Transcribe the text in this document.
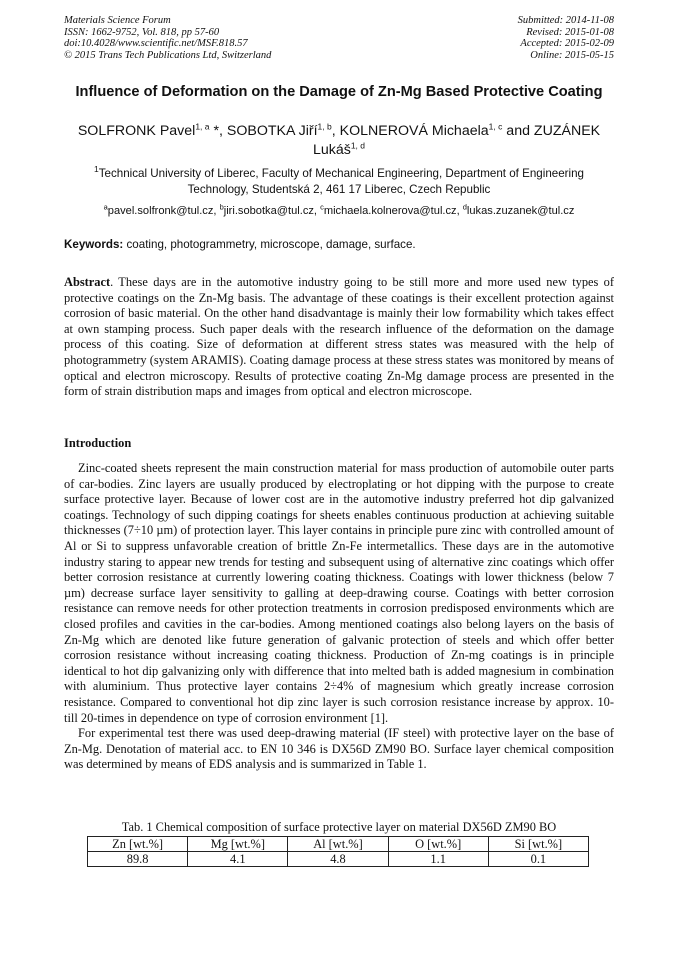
Materials Science Forum
ISSN: 1662-9752, Vol. 818, pp 57-60
doi:10.4028/www.scientific.net/MSF.818.57
© 2015 Trans Tech Publications Ltd, Switzerland
Submitted: 2014-11-08
Revised: 2015-01-08
Accepted: 2015-02-09
Online: 2015-05-15
Influence of Deformation on the Damage of Zn-Mg Based Protective Coating
SOLFRONK Pavel$^{1, a}$ *, SOBOTKA Jiří$^{1, b}$, KOLNEROVÁ Michaela$^{1, c}$ and ZUZÁNEK Lukáš$^{1, d}$
$^1$Technical University of Liberec, Faculty of Mechanical Engineering, Department of Engineering Technology, Studentská 2, 461 17 Liberec, Czech Republic
$^a$pavel.solfronk@tul.cz, $^b$jiri.sobotka@tul.cz, $^c$michaela.kolnerova@tul.cz, $^d$lukas.zuzanek@tul.cz
Keywords: coating, photogrammetry, microscope, damage, surface.
Abstract. These days are in the automotive industry going to be still more and more used new types of protective coatings on the Zn-Mg basis. The advantage of these coatings is their excellent protection against corrosion of basic material. On the other hand disadvantage is mainly their low formability which takes effect at own stamping process. Such paper deals with the research influence of the deformation on the damage process of this coating. Size of deformation at different stress states was measured with the help of photogrammetry (system ARAMIS). Coating damage process at these stress states was monitored by means of optical and electron microscopy. Results of protective coating Zn-Mg damage process are presented in the form of strain distribution maps and images from optical and electron microscope.
Introduction

Zinc-coated sheets represent the main construction material for mass production of automobile outer parts of car-bodies. Zinc layers are usually produced by electroplating or hot dipping with the purpose to create surface protective layer. Because of lower cost are in the automotive industry preferred hot dip galvanized coatings. Technology of such dipping coatings for sheets enables continuous production at achieving suitable thicknesses (7÷10 µm) of protection layer. This layer contains in principle pure zinc with controlled amount of Al or Si to suppress unfavorable creation of brittle Zn-Fe intermetallics. These days are in the automotive industry staring to appear new trends for testing and subsequent using of alternative zinc coatings which offer better corrosion resistance at currently lowering coating thickness. Coatings with lower thickness (below 7 µm) decrease surface layer sensitivity to galling at deep-drawing course. Coatings with better corrosion resistance can remove needs for other protection treatments in corrosion predisposed environments which are closed profiles and cavities in the car-bodies. Among mentioned coatings also belong layers on the basis of Zn-Mg which are denoted like future generation of galvanic protection of steels and which offer better corrosion resistance without increasing coating thickness. Production of Zn-mg coatings is in principle identical to hot dip galvanizing only with difference that into melted bath is added magnesium in combination with aluminium. Thus protective layer contains 2÷4% of magnesium which greatly increase corrosion resistance. Compared to conventional hot dip zinc layer is such corrosion resistance increase by approx. 10- till 20-times in dependence on type of corrosion environment [1].

For experimental test there was used deep-drawing material (IF steel) with protective layer on the base of Zn-Mg. Denotation of material acc. to EN 10 346 is DX56D ZM90 BO. Surface layer chemical composition was determined by means of EDS analysis and is summarized in Table 1.

Tab. 1 Chemical composition of surface protective layer on material DX56D ZM90 BO
Zn [wt.%]	Mg [wt.%]	Al [wt.%]	O [wt.%]	Si [wt.%]
89.8	4.1	4.8	1.1	0.1
